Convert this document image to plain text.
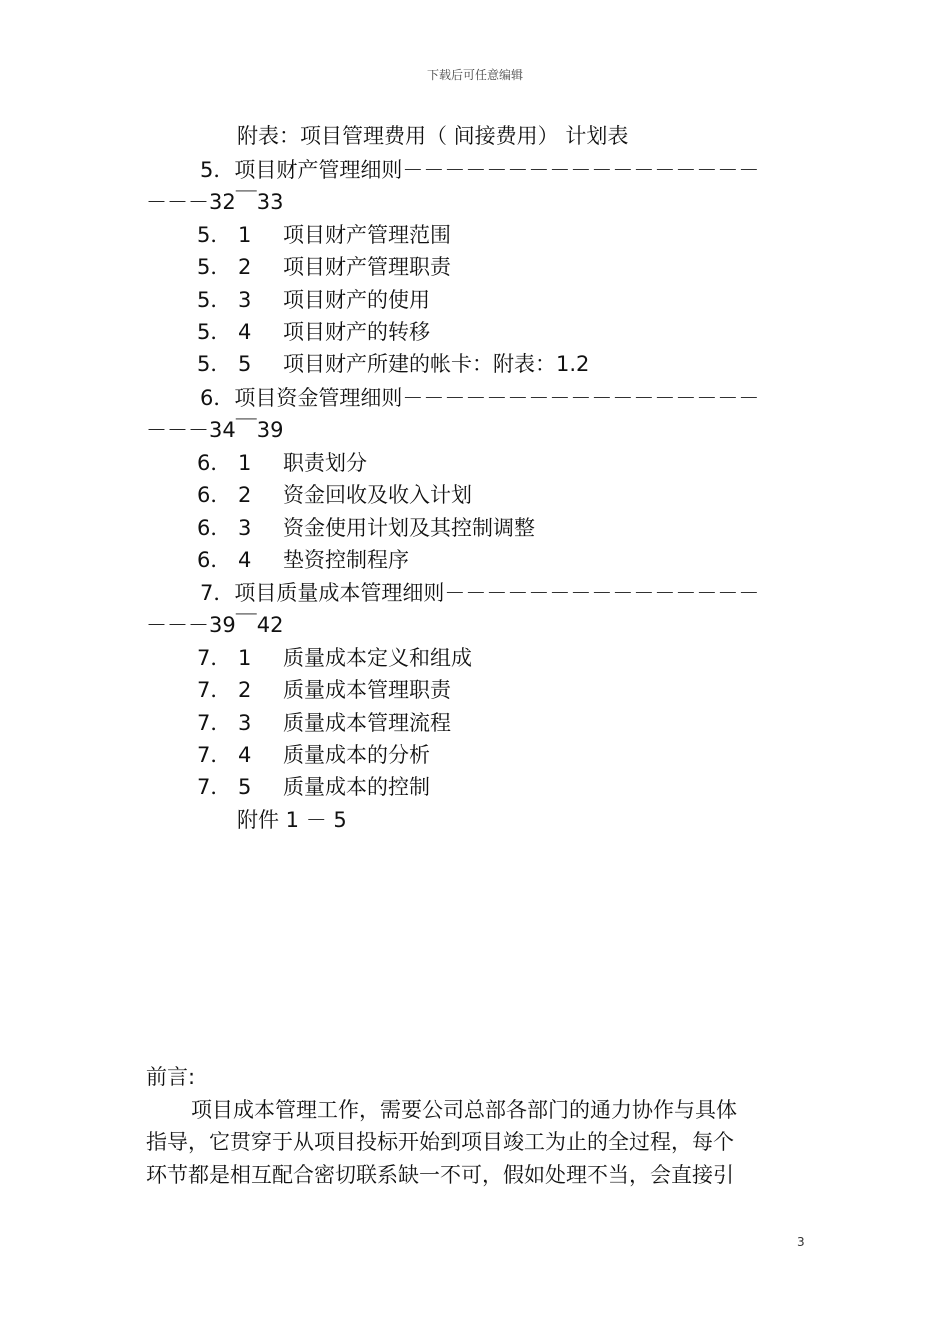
下载后可任意编辑
附表：项目管理费用（ 间接费用） 计划表
5．项目财产管理细则－－－－－－－－－－－－－－－－－
－－－32￣33
5． 1 项目财产管理范围
5． 2 项目财产管理职责
5． 3 项目财产的使用
5． 4 项目财产的转移
5． 5 项目财产所建的帐卡：附表：1.2
6．项目资金管理细则－－－－－－－－－－－－－－－－－
－－－34￣39
6． 1 职责划分
6． 2 资金回收及收入计划
6． 3 资金使用计划及其控制调整
6． 4 垫资控制程序
7．项目质量成本管理细则－－－－－－－－－－－－－－－
－－－39￣42
7． 1 质量成本定义和组成
7． 2 质量成本管理职责
7． 3 质量成本管理流程
7． 4 质量成本的分析
7． 5 质量成本的控制
附件 1 － 5
前言:
项目成本管理工作，需要公司总部各部门的通力协作与具体
指导，它贯穿于从项目投标开始到项目竣工为止的全过程，每个
环节都是相互配合密切联系缺一不可，假如处理不当，会直接引
3
